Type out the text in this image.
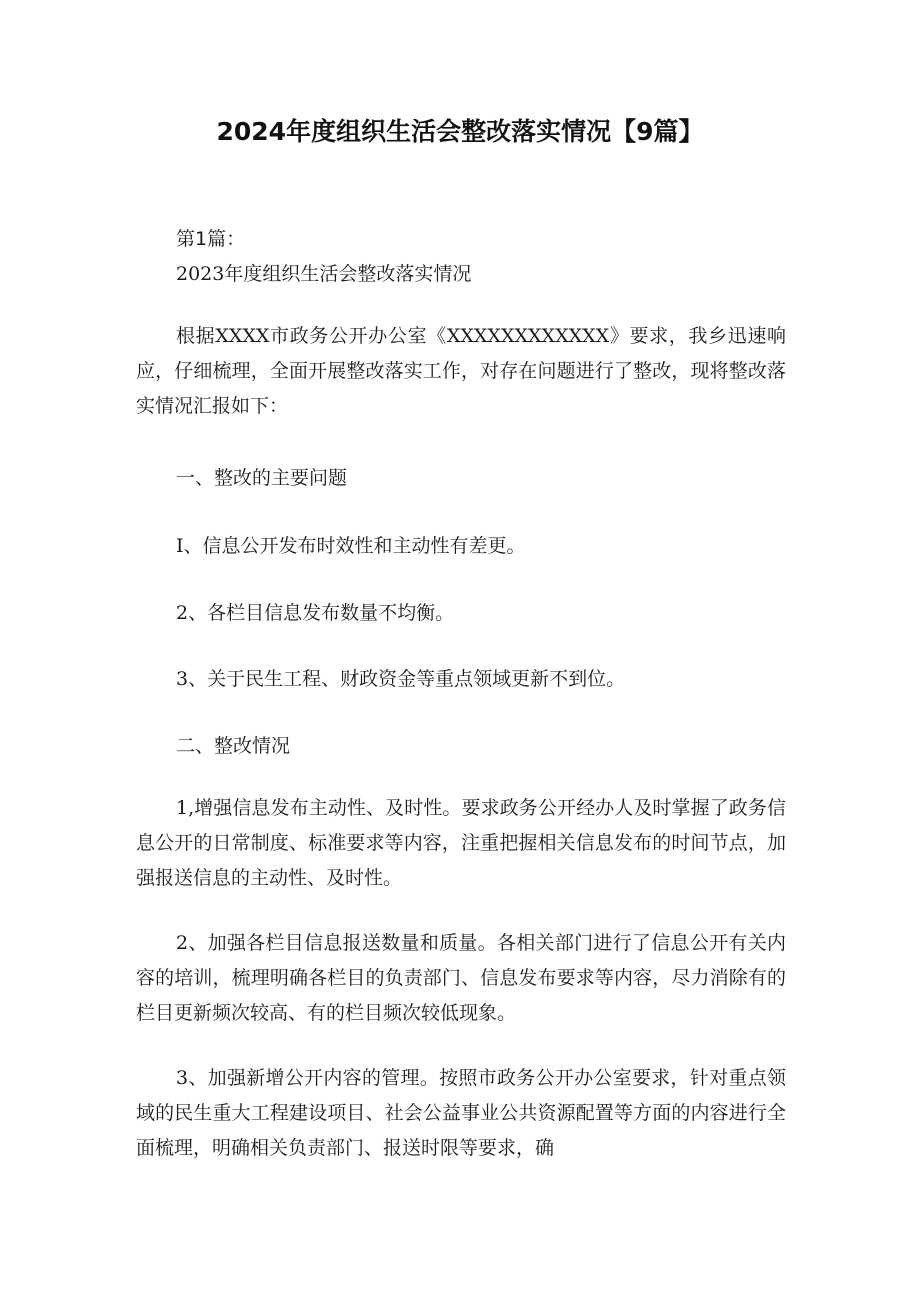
2024年度组织生活会整改落实情况【9篇】
第1篇：
2023年度组织生活会整改落实情况
根据XXXX市政务公开办公室《XXXXXXXXXXXX》要求，我乡迅速响应，仔细梳理，全面开展整改落实工作，对存在问题进行了整改，现将整改落实情况汇报如下：
一、整改的主要问题
I、信息公开发布时效性和主动性有差更。
2、各栏目信息发布数量不均衡。
3、关于民生工程、财政资金等重点领域更新不到位。
二、整改情况
1,增强信息发布主动性、及时性。要求政务公开经办人及时掌握了政务信息公开的日常制度、标准要求等内容，注重把握相关信息发布的时间节点，加强报送信息的主动性、及时性。
2、加强各栏目信息报送数量和质量。各相关部门进行了信息公开有关内容的培训，梳理明确各栏目的负责部门、信息发布要求等内容，尽力消除有的栏目更新频次较高、有的栏目频次较低现象。
3、加强新增公开内容的管理。按照市政务公开办公室要求，针对重点领域的民生重大工程建设项目、社会公益事业公共资源配置等方面的内容进行全面梳理，明确相关负责部门、报送时限等要求，确
